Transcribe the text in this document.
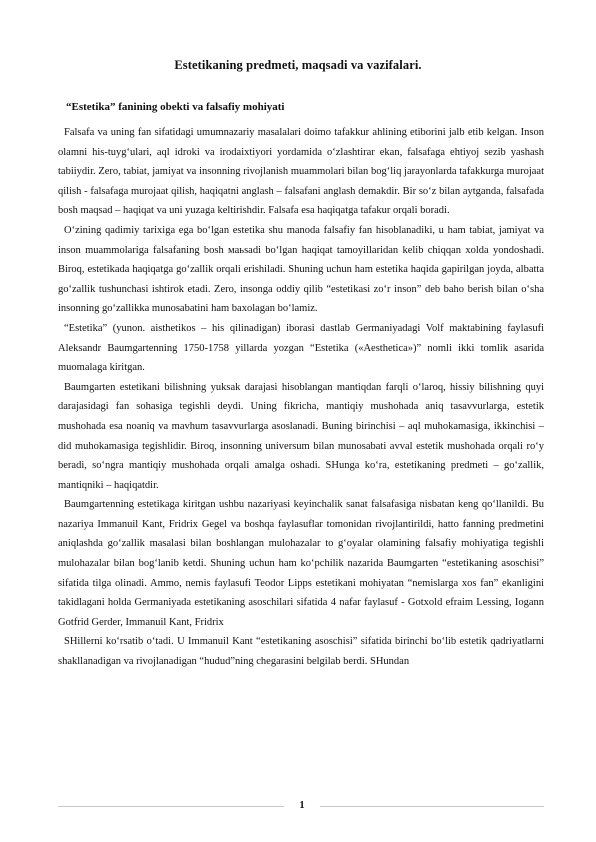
Estetikaning predmeti, maqsadi va vazifalari.
“Estetika” fanining obekti va falsafiy mohiyati

Falsafa va uning fan sifatidagi umumnazariy masalalari doimo tafakkur ahlining etiborini jalb etib kelgan. Inson olamni his-tuyg‘ulari, aql idroki va irodaixtiyori yordamida o‘zlashtirar ekan, falsafaga ehtiyoj sezib yashash tabiiydir. Zero, tabiat, jamiyat va insonning rivojlanish muammolari bilan bog‘liq jarayonlarda tafakkurga murojaat qilish - falsafaga murojaat qilish, haqiqatni anglash – falsafani anglash demakdir. Bir so‘z bilan aytganda, falsafada bosh maqsad – haqiqat va uni yuzaga keltirishdir. Falsafa esa haqiqatga tafakur orqali boradi.

O‘zining qadimiy tarixiga ega bo‘lgan estetika shu manoda falsafiy fan hisoblanadiki, u ham tabiat, jamiyat va inson muammolariga falsafaning bosh маьsadi bo‘lgan haqiqat tamoyillaridan kelib chiqqan xolda yondoshadi. Biroq, estetikada haqiqatga go‘zallik orqali erishiladi. Shuning uchun ham estetika haqida gapirilgan joyda, albatta go‘zallik tushunchasi ishtirok etadi. Zero, insonga oddiy qilib “estetikasi zo‘r inson” deb baho berish bilan o‘sha insonning go‘zallikka munosabatini ham baxolagan bo‘lamiz.

“Estetika” (yunon. aisthetikos – his qilinadigan) iborasi dastlab Germaniyadagi Volf maktabining faylasufi Aleksandr Baumgartenning 1750-1758 yillarda yozgan “Estetika («Aesthetica»)” nomli ikki tomlik asarida muomalaga kiritgan.

Baumgarten estetikani bilishning yuksak darajasi hisoblangan mantiqdan farqli o‘laroq, hissiy bilishning quyi darajasidagi fan sohasiga tegishli deydi. Uning fikricha, mantiqiy mushohada aniq tasavvurlarga, estetik mushohada esa noaniq va mavhum tasavvurlarga asoslanadi. Buning birinchisi – aql muhokamasiga, ikkinchisi – did muhokamasiga tegishlidir. Biroq, insonning universum bilan munosabati avval estetik mushohada orqali ro‘y beradi, so‘ngra mantiqiy mushohada orqali amalga oshadi. SHunga ko‘ra, estetikaning predmeti – go‘zallik, mantiqniki – haqiqatdir.

Baumgartenning estetikaga kiritgan ushbu nazariyasi keyinchalik sanat falsafasiga nisbatan keng qo‘llanildi. Bu nazariya Immanuil Kant, Fridrix Gegel va boshqa faylasuflar tomonidan rivojlantirildi, hatto fanning predmetini aniqlashda go‘zallik masalasi bilan boshlangan mulohazalar to g‘oyalar olamining falsafiy mohiyatiga tegishli mulohazalar bilan bog‘lanib ketdi. Shuning uchun ham ko‘pchilik nazarida Baumgarten “estetikaning asoschisi” sifatida tilga olinadi. Ammo, nemis faylasufi Teodor Lipps estetikani mohiyatan “nemislarga xos fan” ekanligini takidlagani holda Germaniyada estetikaning asoschilari sifatida 4 nafar faylasuf - Gotxold efraim Lessing, Iogann Gotfrid Gerder, Immanuil Kant, Fridrix

SHillerni ko‘rsatib o‘tadi. U Immanuil Kant “estetikaning asoschisi” sifatida birinchi bo‘lib estetik qadriyatlarni shakllanadigan va rivojlanadigan “hudud”ning chegarasini belgilab berdi. SHundan

1
